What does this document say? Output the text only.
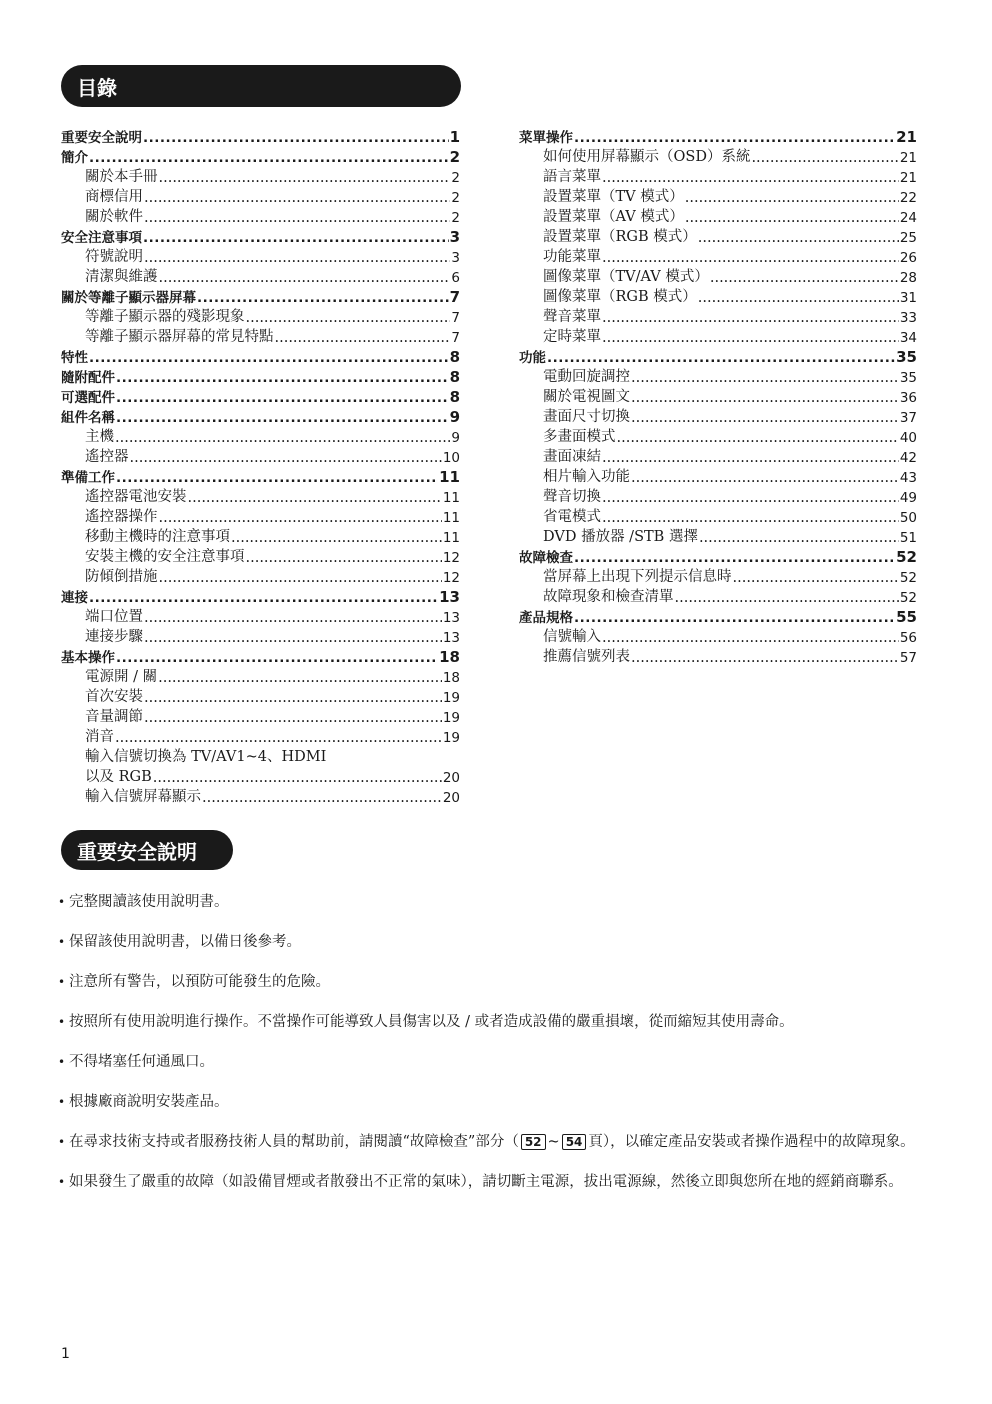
目錄
重要安全說明 .....	1
簡介 .....	2
關於本手冊 .....	2
商標信用 .....	2
關於軟件 .....	2
安全注意事項 .....	3
符號說明 .....	3
清潔與維護 .....	6
關於等離子顯示器屏幕 .....	7
等離子顯示器的殘影現象 .....	7
等離子顯示器屏幕的常見特點 .....	7
特性 .....	8
隨附配件 .....	8
可選配件 .....	8
組件名稱 .....	9
主機 .....	9
遙控器 .....	10
準備工作 .....	11
遙控器電池安裝 .....	11
遙控器操作 .....	11
移動主機時的注意事項 .....	11
安裝主機的安全注意事項 .....	12
防傾倒措施 .....	12
連接 .....	13
端口位置 .....	13
連接步驟 .....	13
基本操作 .....	18
電源開 / 關 .....	18
首次安裝 .....	19
音量調節 .....	19
消音 .....	19
輸入信號切換為 TV/AV1~4、HDMI
以及 RGB .....	20
輸入信號屏幕顯示 .....	20
菜單操作 .....	21
如何使用屏幕顯示（OSD）系統 .....	21
語言菜單 .....	21
設置菜單（TV 模式） .....	22
設置菜單（AV 模式） .....	24
設置菜單（RGB 模式） .....	25
功能菜單 .....	26
圖像菜單（TV/AV 模式） .....	28
圖像菜單（RGB 模式） .....	31
聲音菜單 .....	33
定時菜單 .....	34
功能 .....	35
電動回旋調控 .....	35
關於電視圖文 .....	36
畫面尺寸切換 .....	37
多畫面模式 .....	40
畫面凍結 .....	42
相片輸入功能 .....	43
聲音切換 .....	49
省電模式 .....	50
DVD 播放器 /STB 選擇 .....	51
故障檢查 .....	52
當屏幕上出現下列提示信息時 .....	52
故障現象和檢查清單 .....	52
產品規格 .....	55
信號輸入 .....	56
推薦信號列表 .....	57
重要安全說明
• 完整閱讀該使用說明書。
• 保留該使用說明書，以備日後參考。
• 注意所有警告，以預防可能發生的危險。
• 按照所有使用說明進行操作。不當操作可能導致人員傷害以及 / 或者造成設備的嚴重損壞，從而縮短其使用壽命。
• 不得堵塞任何通風口。
• 根據廠商說明安裝產品。
• 在尋求技術支持或者服務技術人員的幫助前，請閱讀“故障檢查”部分（ 52 ~ 54 頁），以確定產品安裝或者操作過程中的故障現象。
• 如果發生了嚴重的故障（如設備冒煙或者散發出不正常的氣味），請切斷主電源，拔出電源線，然後立即與您所在地的經銷商聯系。
1
